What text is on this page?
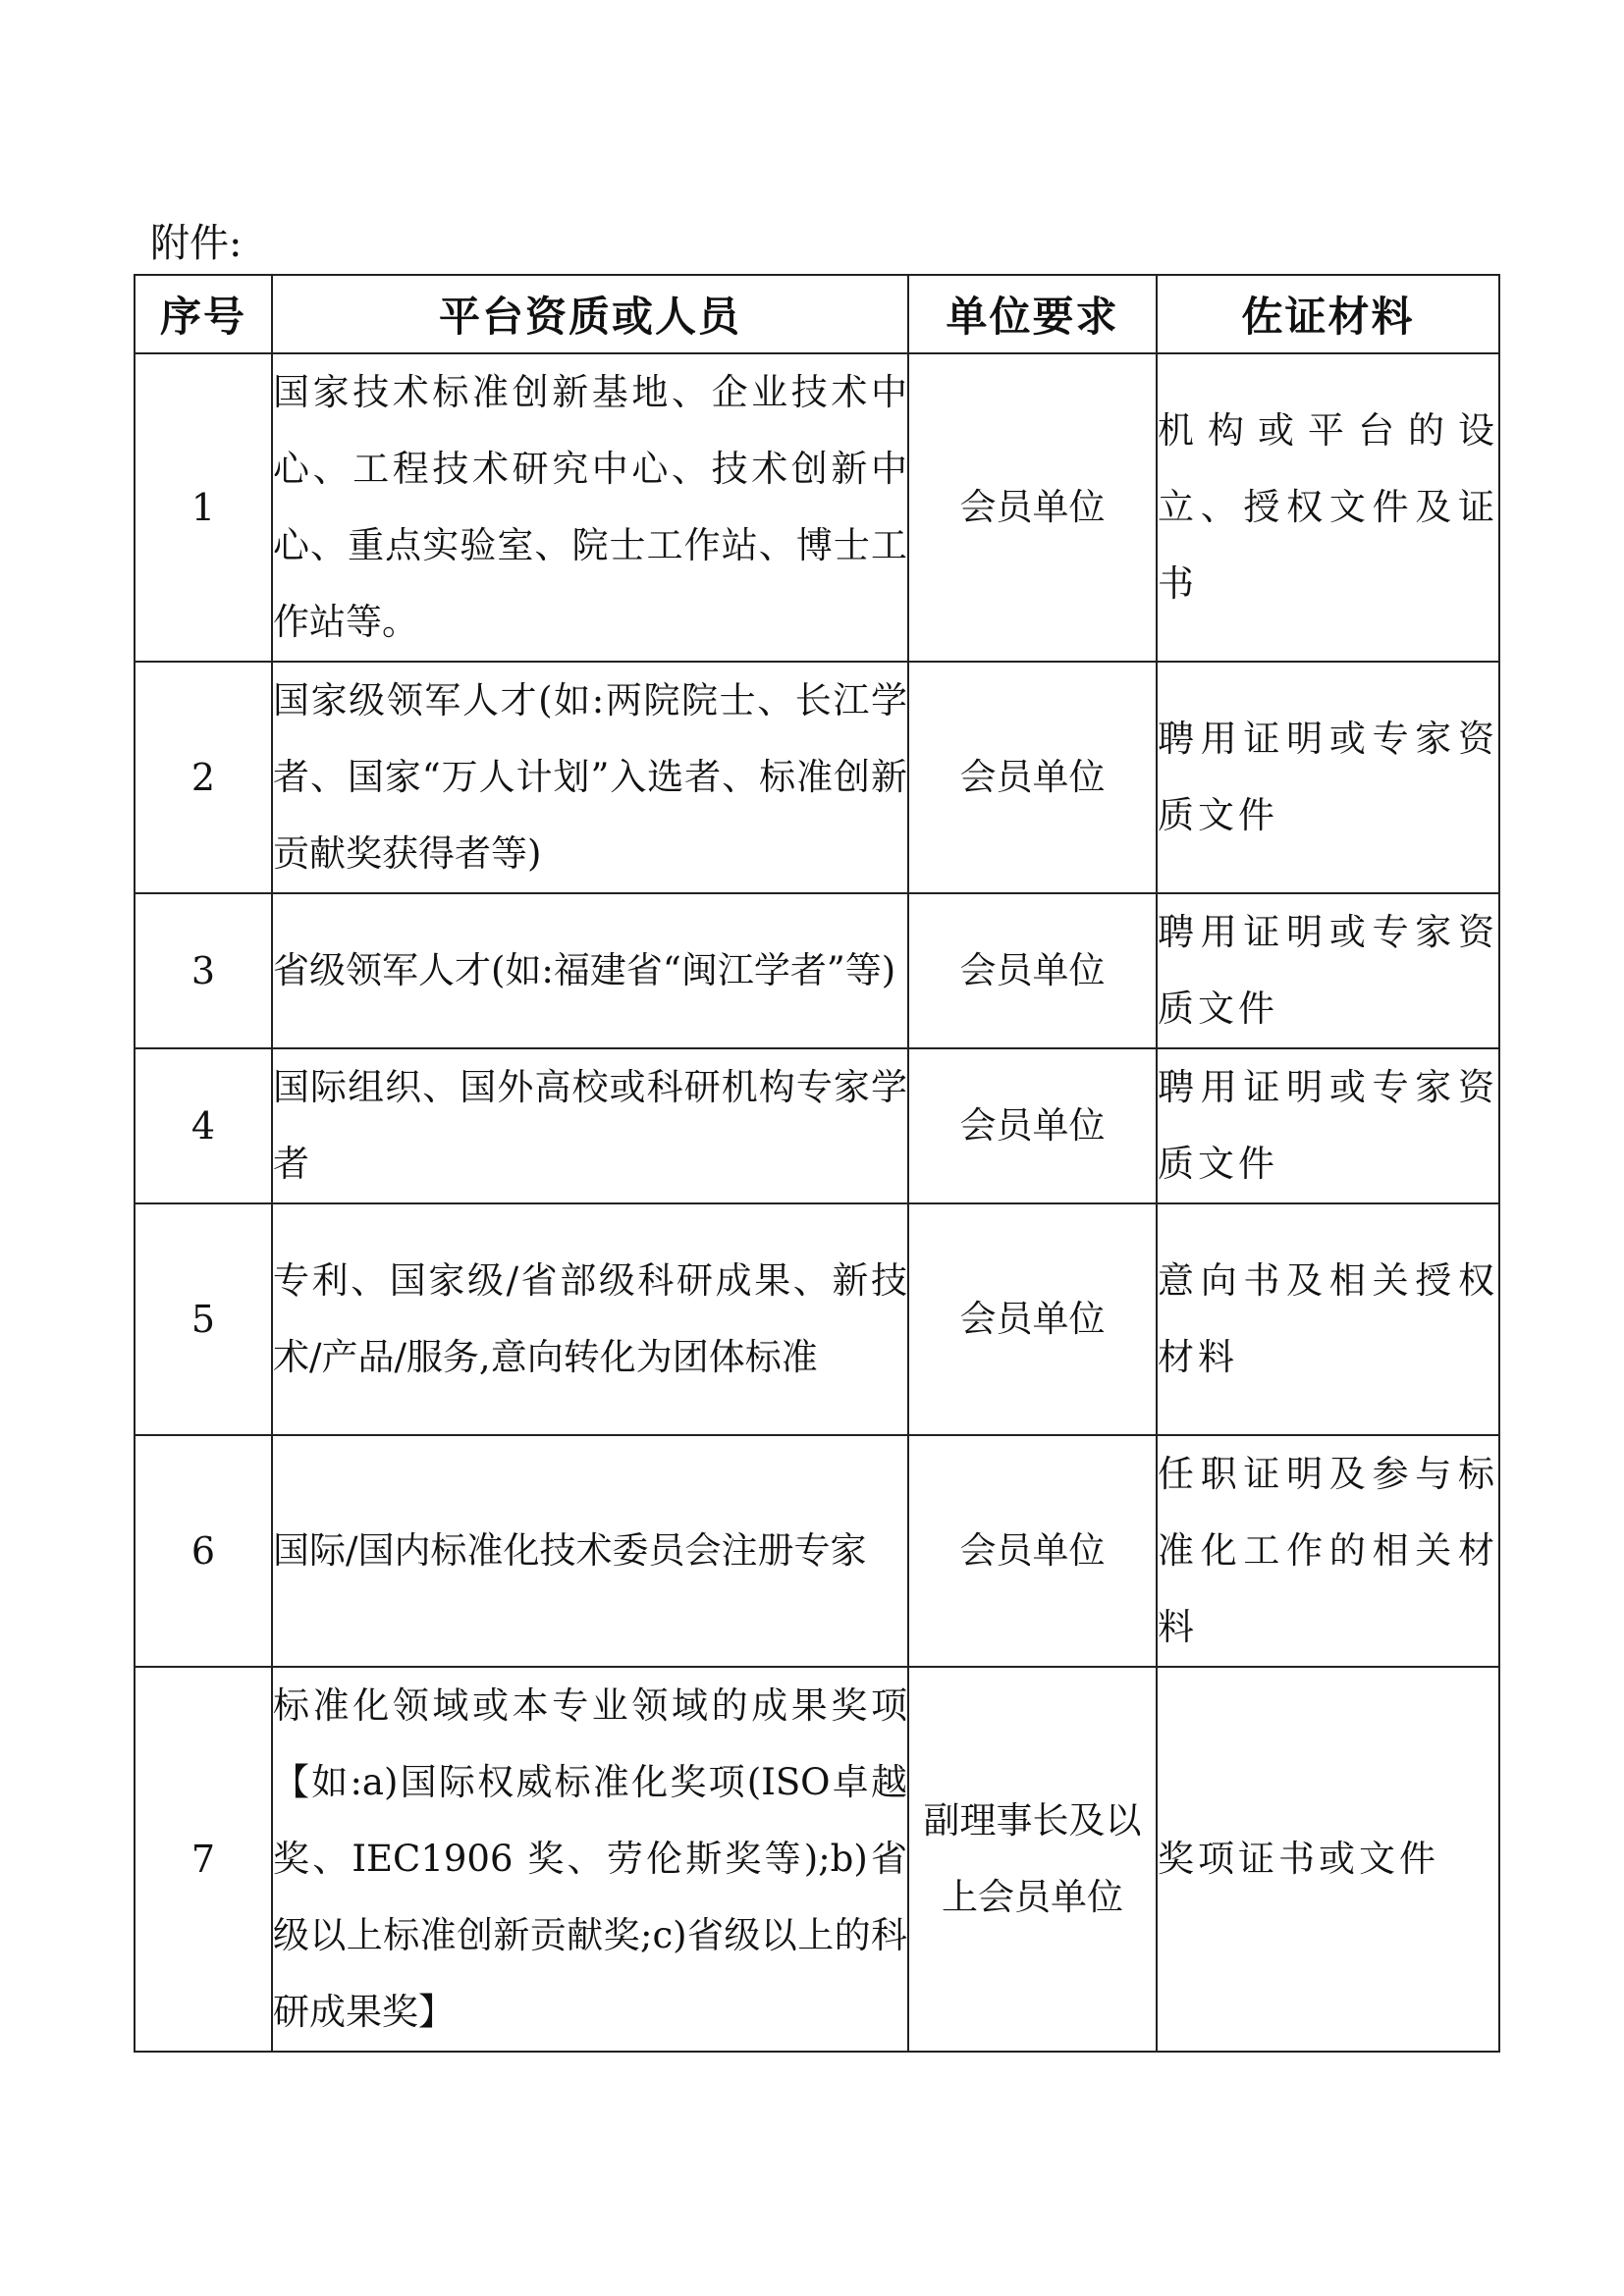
附件:
序号	平台资质或人员	单位要求	佐证材料
1	国家技术标准创新基地、企业技术中心、工程技术研究中心、技术创新中心、重点实验室、院士工作站、博士工作站等。	会员单位	机构或平台的设立、授权文件及证书
2	国家级领军人才(如:两院院士、长江学者、国家“万人计划”入选者、标准创新贡献奖获得者等)	会员单位	聘用证明或专家资质文件
3	省级领军人才(如:福建省“闽江学者”等)	会员单位	聘用证明或专家资质文件
4	国际组织、国外高校或科研机构专家学者	会员单位	聘用证明或专家资质文件
5	专利、国家级/省部级科研成果、新技术/产品/服务,意向转化为团体标准	会员单位	意向书及相关授权材料
6	国际/国内标准化技术委员会注册专家	会员单位	任职证明及参与标准化工作的相关材料
7	标准化领域或本专业领域的成果奖项【如:a)国际权威标准化奖项(ISO卓越奖、IEC1906 奖、劳伦斯奖等);b)省级以上标准创新贡献奖;c)省级以上的科研成果奖】	副理事长及以上会员单位	奖项证书或文件
